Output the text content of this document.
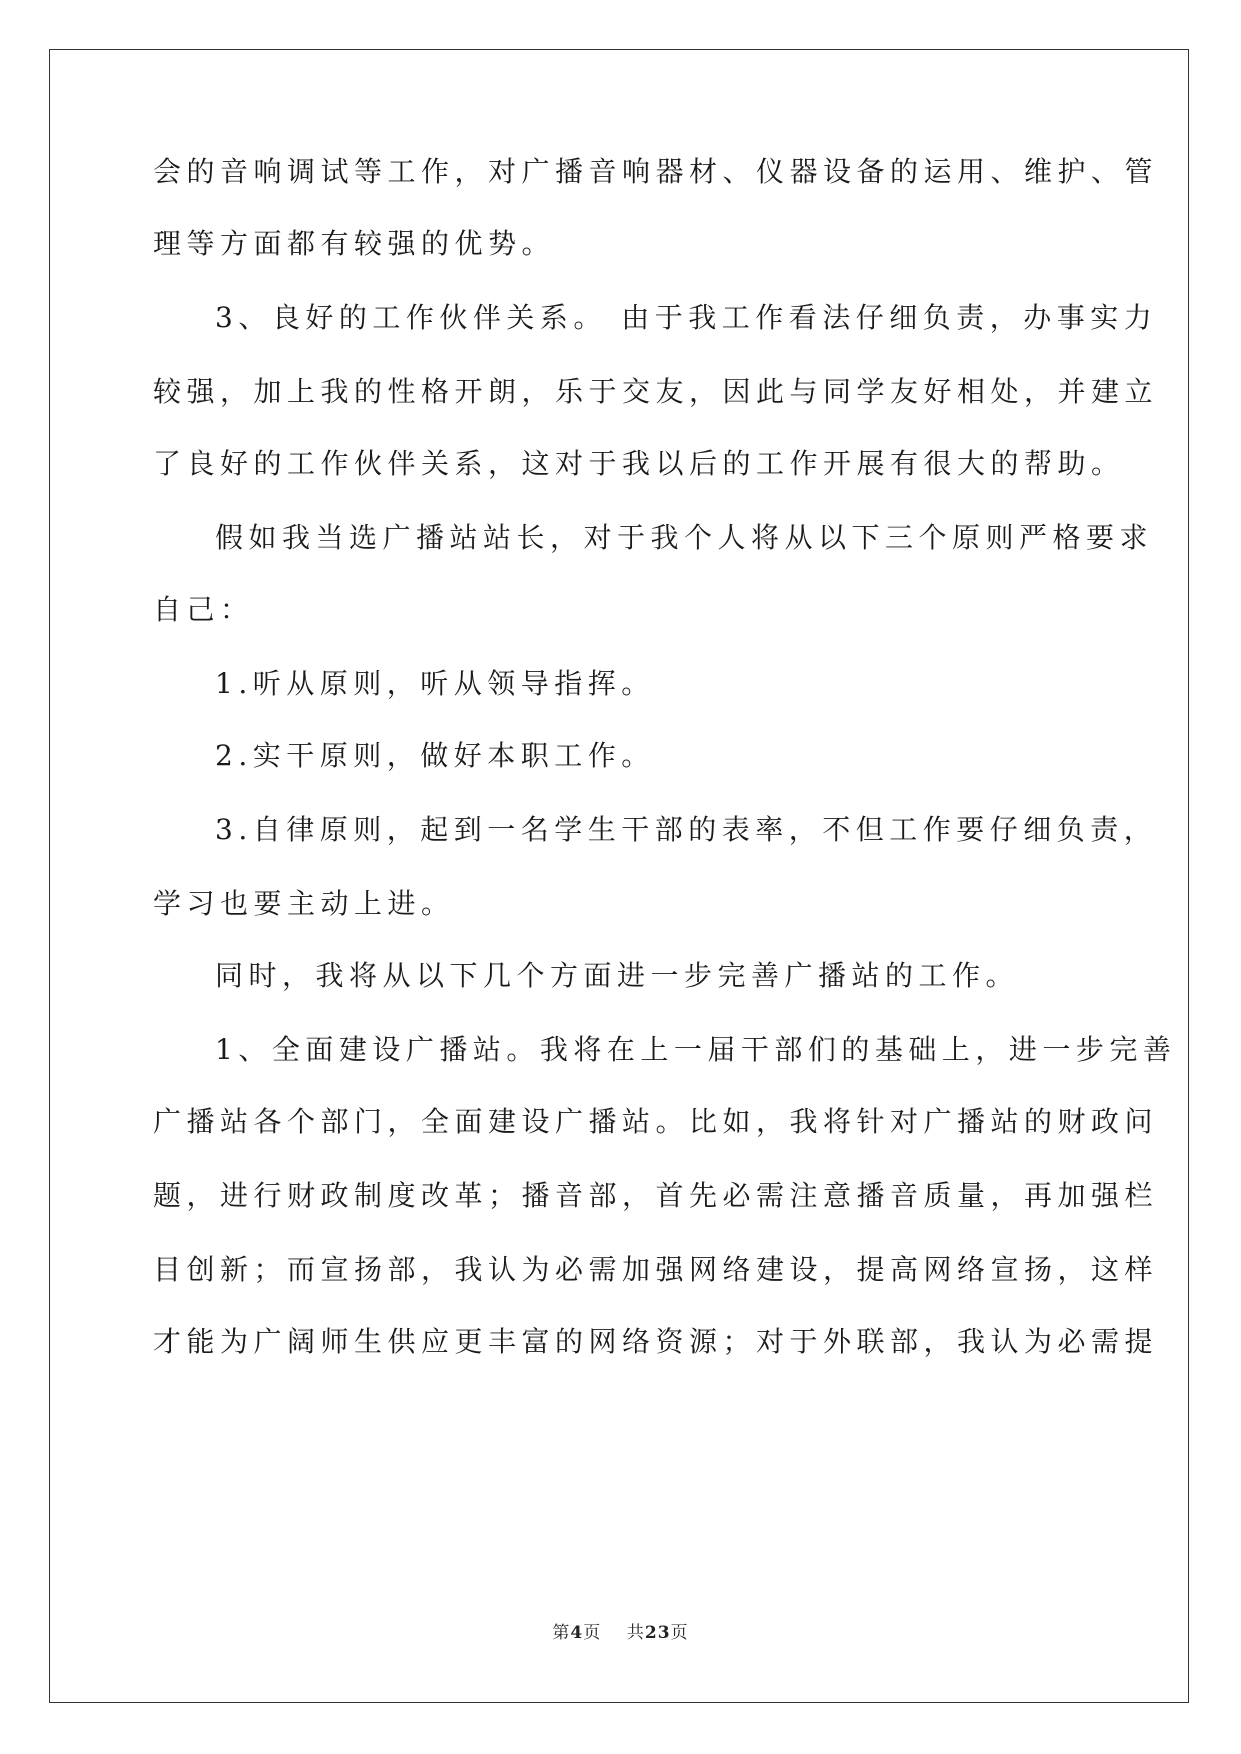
会的音响调试等工作，对广播音响器材、仪器设备的运用、维护、管
理等方面都有较强的优势。
3、良好的工作伙伴关系。 由于我工作看法仔细负责，办事实力
较强，加上我的性格开朗，乐于交友，因此与同学友好相处，并建立
了良好的工作伙伴关系，这对于我以后的工作开展有很大的帮助。
假如我当选广播站站长，对于我个人将从以下三个原则严格要求
自己：
1.听从原则，听从领导指挥。
2.实干原则，做好本职工作。
3.自律原则，起到一名学生干部的表率，不但工作要仔细负责，
学习也要主动上进。
同时，我将从以下几个方面进一步完善广播站的工作。
1、全面建设广播站。我将在上一届干部们的基础上，进一步完善
广播站各个部门，全面建设广播站。比如，我将针对广播站的财政问
题，进行财政制度改革；播音部，首先必需注意播音质量，再加强栏
目创新；而宣扬部，我认为必需加强网络建设，提高网络宣扬，这样
才能为广阔师生供应更丰富的网络资源；对于外联部，我认为必需提
第4页 共23页
